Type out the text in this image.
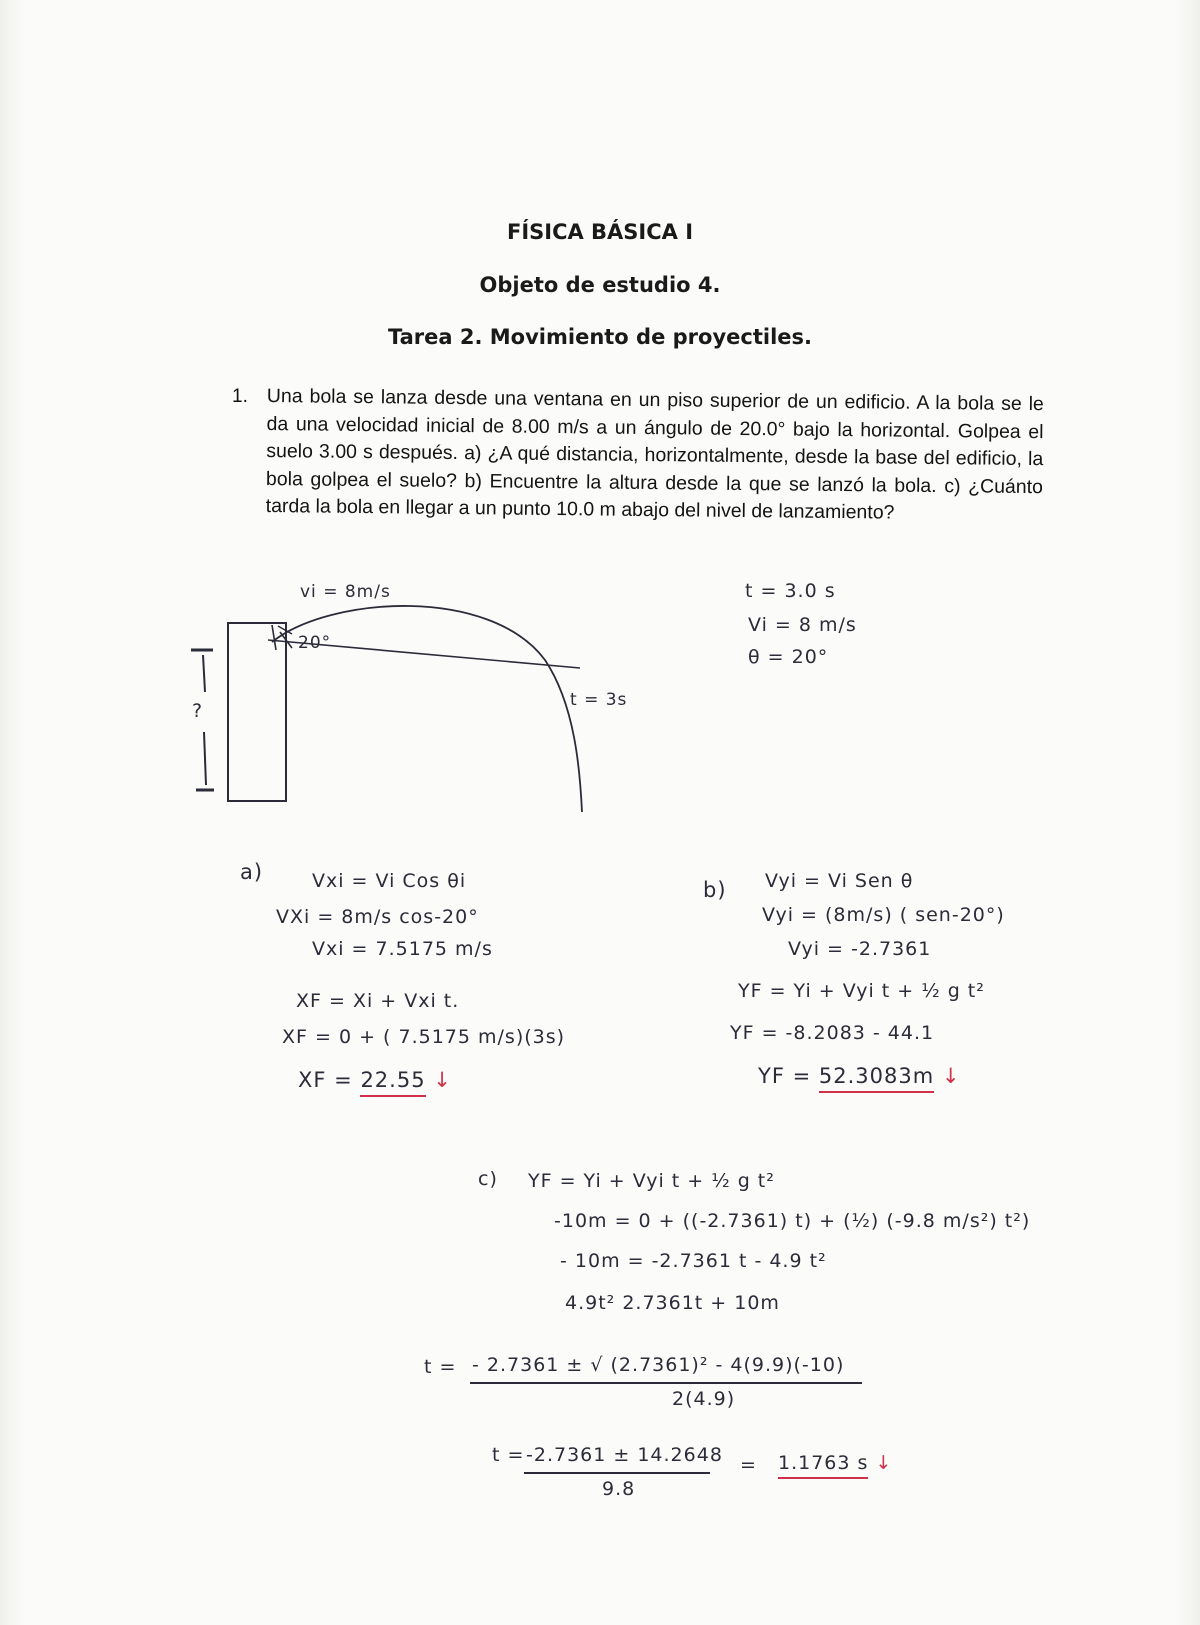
FÍSICA BÁSICA I
Objeto de estudio 4.
Tarea 2. Movimiento de proyectiles.
1. Una bola se lanza desde una ventana en un piso superior de un edificio. A la bola se le da una velocidad inicial de 8.00 m/s a un ángulo de 20.0° bajo la horizontal. Golpea el suelo 3.00 s después. a) ¿A qué distancia, horizontalmente, desde la base del edificio, la bola golpea el suelo? b) Encuentre la altura desde la que se lanzó la bola. c) ¿Cuánto tarda la bola en llegar a un punto 10.0 m abajo del nivel de lanzamiento?
vi = 8m/s
20°
t = 3s
?
t = 3.0 s
Vi = 8 m/s
θ = 20°
a)	Vxi = Vi Cos θi
VXi = 8m/s cos-20°
Vxi = 7.5175 m/s
XF = Xi + Vxi t.
XF = 0 + ( 7.5175 m/s)(3s)
XF = 22.55 ↓
b) Vyi = Vi Sen θ
Vyi = (8m/s) ( sen-20°)
Vyi = -2.7361
YF = Yi + Vyi t + ½ g t²
YF = -8.2083 - 44.1
YF = 52.3083m ↓
c) YF = Yi + Vyi t + ½ g t²
-10m = 0 + ((-2.7361) t) + (½) (-9.8 m/s²) t²)
- 10m = -2.7361 t - 4.9 t²
4.9t² 2.7361t + 10m
t = - 2.7361 ± √ (2.7361)² - 4(9.9)(-10)
2(4.9)
t = -2.7361 ± 14.2648
9.8
= 1.1763 s ↓
